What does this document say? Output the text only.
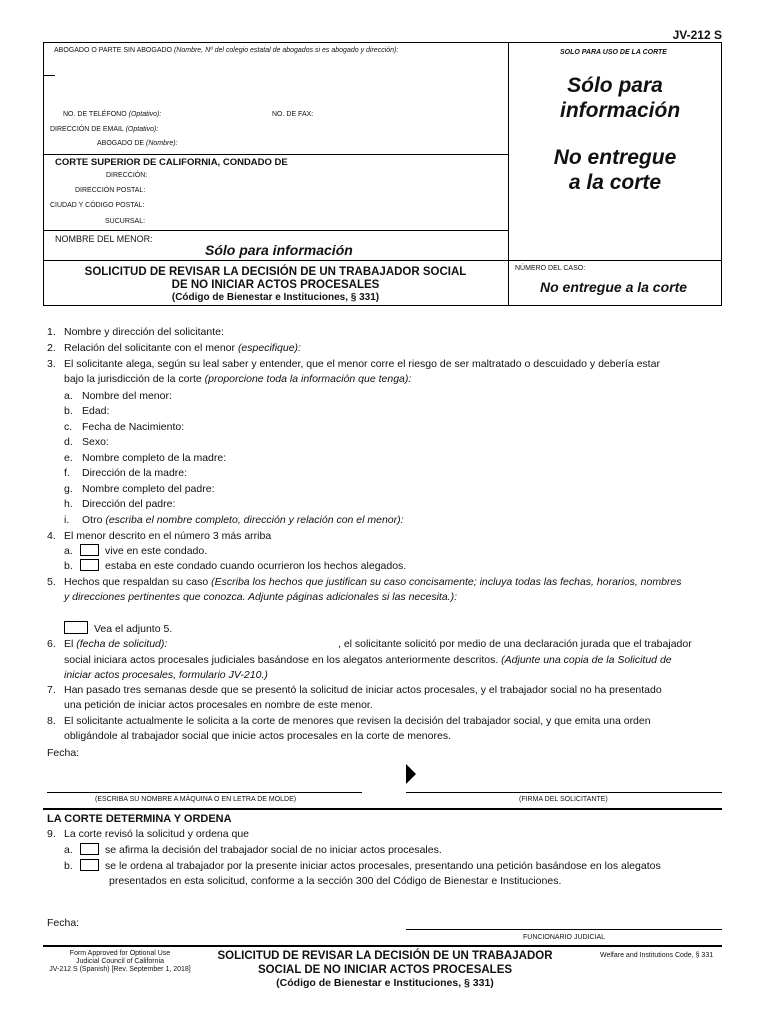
JV-212 S
ABOGADO O PARTE SIN ABOGADO (Nombre, Nº del colegio estatal de abogados si es abogado y dirección):	SOLO PARA USO DE LA CORTE
NO. DE TELÉFONO (Optativo):	NO. DE FAX:
DIRECCIÓN DE EMAIL (Optativo):
ABOGADO DE (Nombre):
Sólo para información
No entregue a la corte
CORTE SUPERIOR DE CALIFORNIA, CONDADO DE
DIRECCIÓN:
DIRECCIÓN POSTAL:
CIUDAD Y CÓDIGO POSTAL:
SUCURSAL:
NOMBRE DEL MENOR:
Sólo para información
SOLICITUD DE REVISAR LA DECISIÓN DE UN TRABAJADOR SOCIAL
DE NO INICIAR ACTOS PROCESALES
(Código de Bienestar e Instituciones, § 331)
NÚMERO DEL CASO:
No entregue a la corte
1. Nombre y dirección del solicitante:
2. Relación del solicitante con el menor (especifique):
3. El solicitante alega, según su leal saber y entender, que el menor corre el riesgo de ser maltratado o descuidado y debería estar
bajo la jurisdicción de la corte (proporcione toda la información que tenga):
a. Nombre del menor:
b. Edad:
c. Fecha de Nacimiento:
d. Sexo:
e. Nombre completo de la madre:
f. Dirección de la madre:
g. Nombre completo del padre:
h. Dirección del padre:
i. Otro (escriba el nombre completo, dirección y relación con el menor):
4. El menor descrito en el número 3 más arriba
a.	vive en este condado.
b.	estaba en este condado cuando ocurrieron los hechos alegados.
5. Hechos que respaldan su caso (Escriba los hechos que justifican su caso concisamente; incluya todas las fechas, horarios, nombres
y direcciones pertinentes que conozca. Adjunte páginas adicionales si las necesita.):
Vea el adjunto 5.
6. El (fecha de solicitud):	, el solicitante solicitó por medio de una declaración jurada que el trabajador
social iniciara actos procesales judiciales basándose en los alegatos anteriormente descritos. (Adjunte una copia de la Solicitud de
iniciar actos procesales, formulario JV-210.)
7. Han pasado tres semanas desde que se presentó la solicitud de iniciar actos procesales, y el trabajador social no ha presentado
una petición de iniciar actos procesales en nombre de este menor.
8. El solicitante actualmente le solicita a la corte de menores que revisen la decisión del trabajador social, y que emita una orden
obligándole al trabajador social que inicie actos procesales en la corte de menores.
Fecha:
(ESCRIBA SU NOMBRE A MÁQUINA O EN LETRA DE MOLDE)	(FIRMA DEL SOLICITANTE)
LA CORTE DETERMINA Y ORDENA
9. La corte revisó la solicitud y ordena que
a.	se afirma la decisión del trabajador social de no iniciar actos procesales.
b.	se le ordena al trabajador por la presente iniciar actos procesales, presentando una petición basándose en los alegatos
presentados en esta solicitud, conforme a la sección 300 del Código de Bienestar e Instituciones.
Fecha:
FUNCIONARIO JUDICIAL
Form Approved for Optional Use
Judicial Council of California
JV-212 S (Spanish) [Rev. September 1, 2018]
SOLICITUD DE REVISAR LA DECISIÓN DE UN TRABAJADOR
SOCIAL DE NO INICIAR ACTOS PROCESALES
(Código de Bienestar e Instituciones, § 331)
Welfare and Institutions Code, § 331
